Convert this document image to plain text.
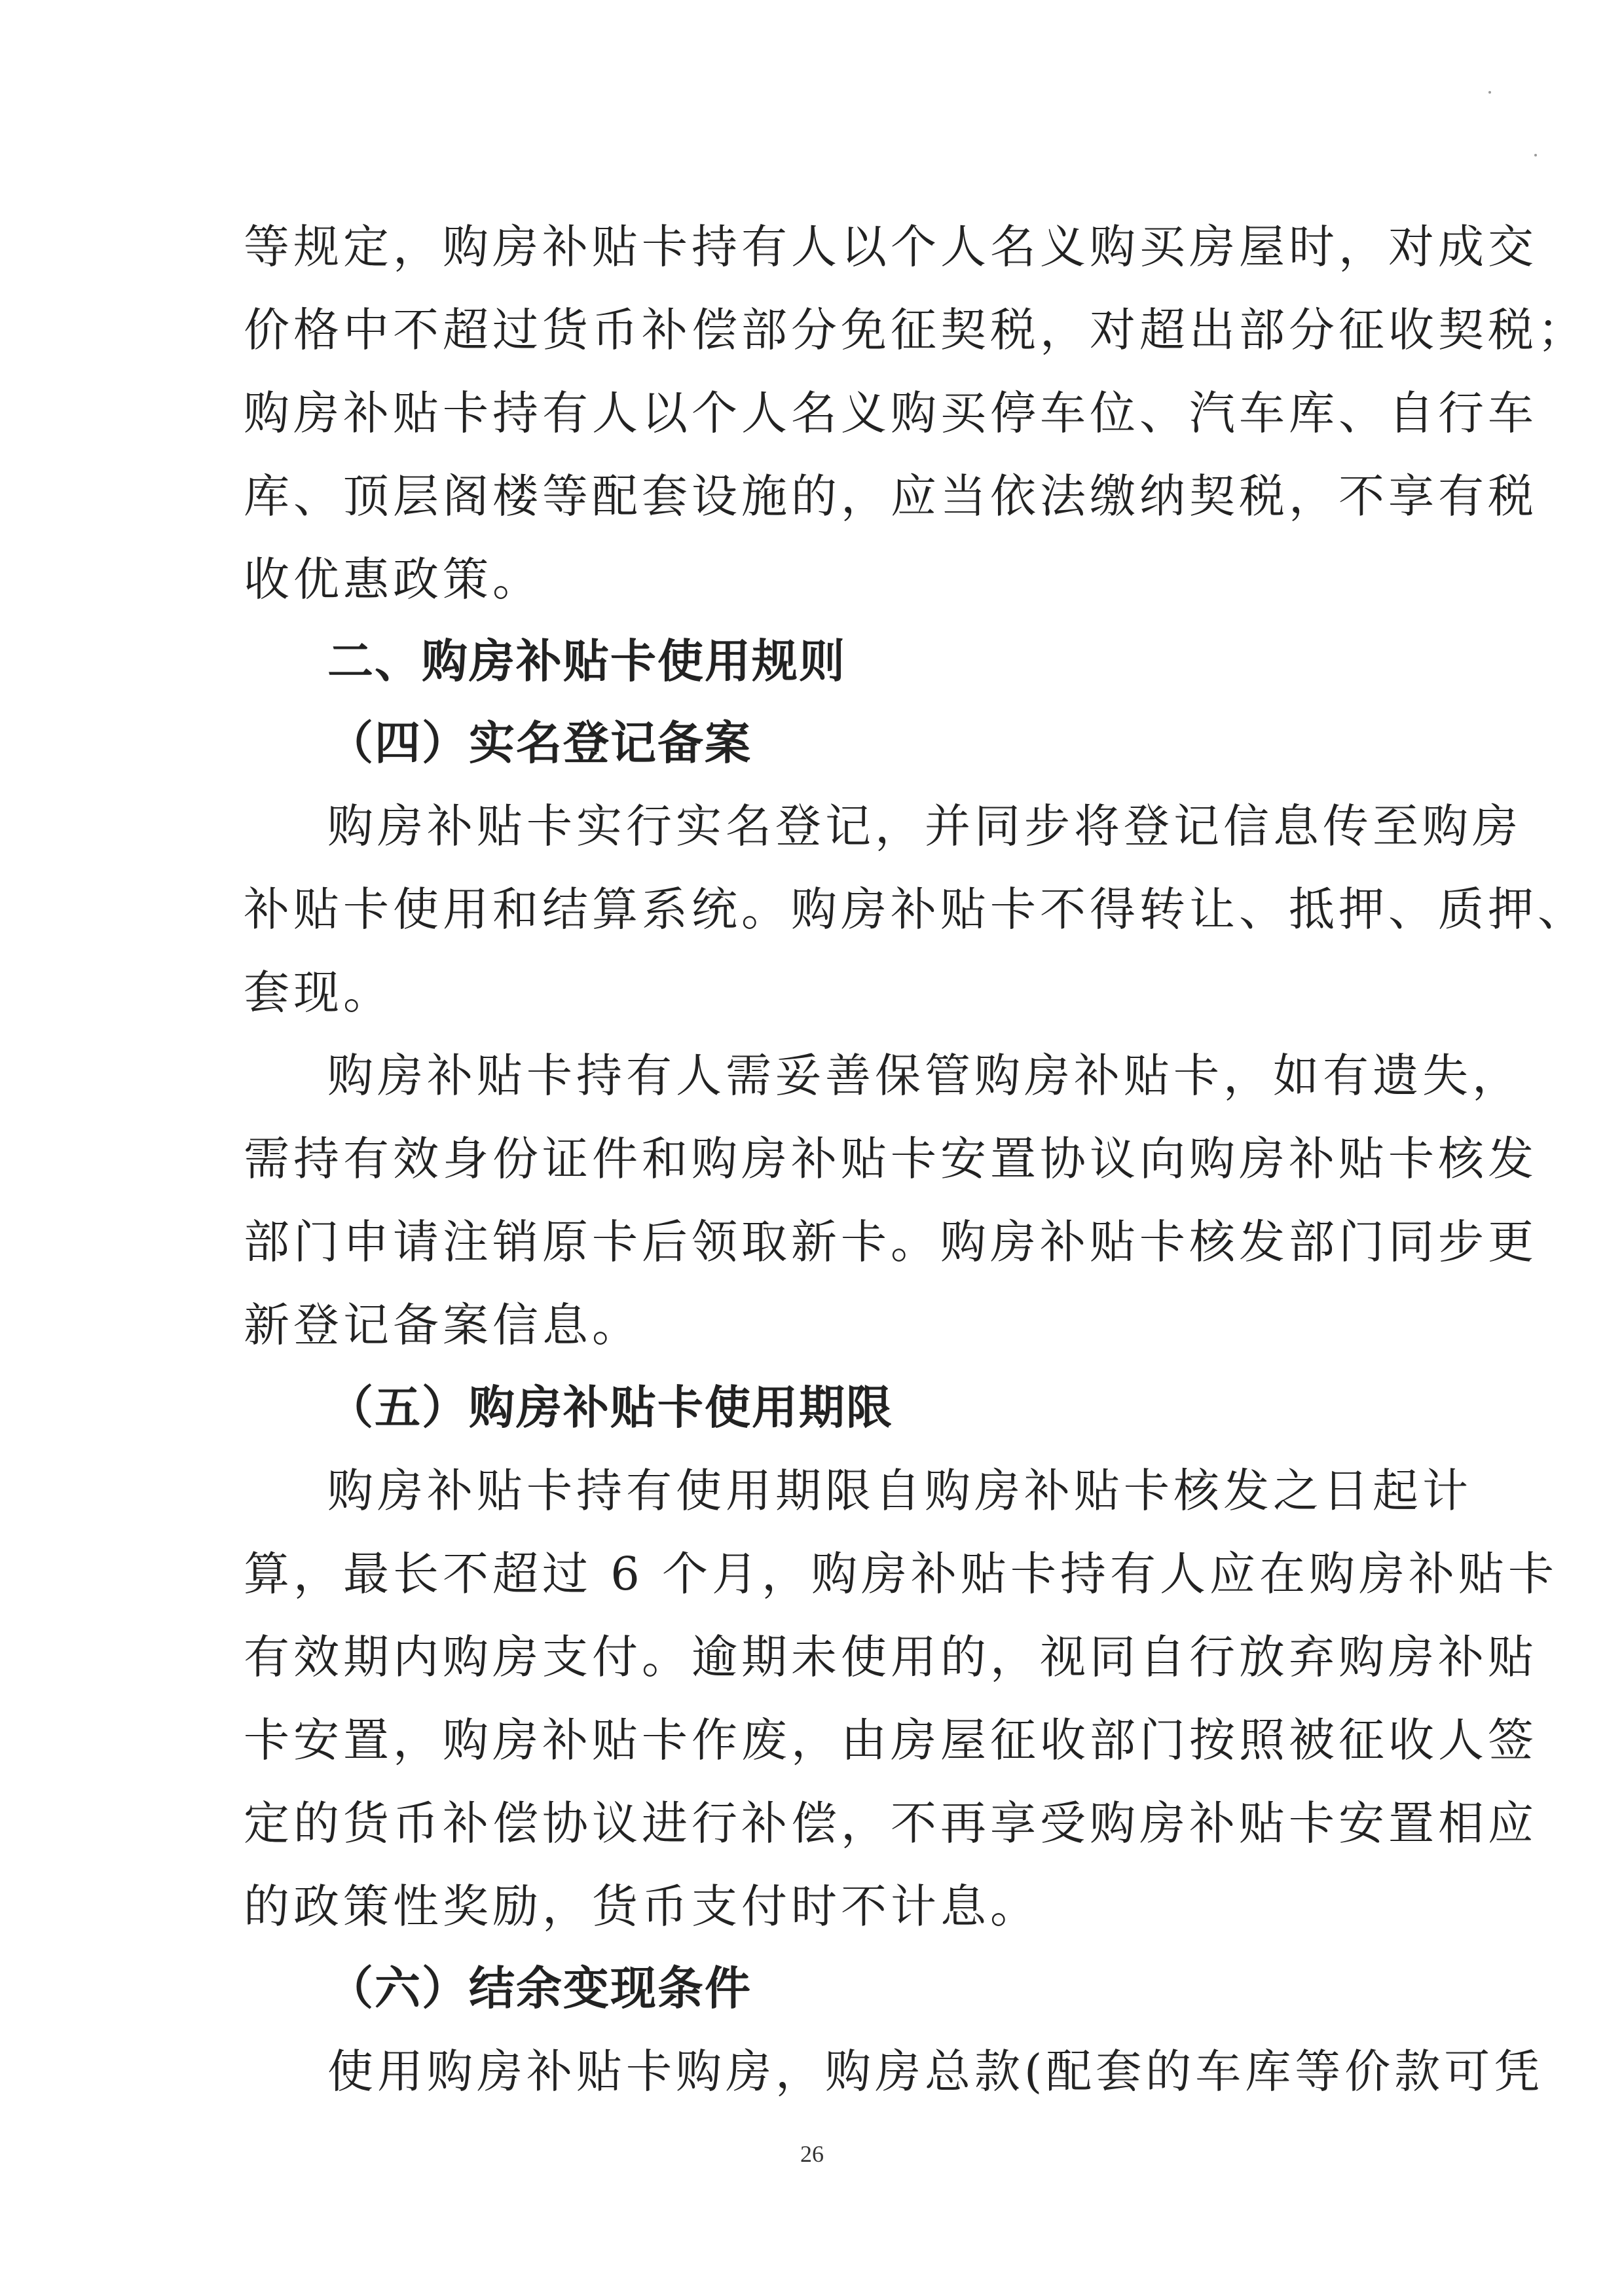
等规定，购房补贴卡持有人以个人名义购买房屋时，对成交
价格中不超过货币补偿部分免征契税，对超出部分征收契税；
购房补贴卡持有人以个人名义购买停车位、汽车库、自行车
库、顶层阁楼等配套设施的，应当依法缴纳契税，不享有税
收优惠政策。
二、购房补贴卡使用规则
（四）实名登记备案
购房补贴卡实行实名登记，并同步将登记信息传至购房
补贴卡使用和结算系统。购房补贴卡不得转让、抵押、质押、
套现。
购房补贴卡持有人需妥善保管购房补贴卡，如有遗失，
需持有效身份证件和购房补贴卡安置协议向购房补贴卡核发
部门申请注销原卡后领取新卡。购房补贴卡核发部门同步更
新登记备案信息。
（五）购房补贴卡使用期限
购房补贴卡持有使用期限自购房补贴卡核发之日起计
算，最长不超过 6 个月，购房补贴卡持有人应在购房补贴卡
有效期内购房支付。逾期未使用的，视同自行放弃购房补贴
卡安置，购房补贴卡作废，由房屋征收部门按照被征收人签
定的货币补偿协议进行补偿，不再享受购房补贴卡安置相应
的政策性奖励，货币支付时不计息。
（六）结余变现条件
使用购房补贴卡购房，购房总款(配套的车库等价款可凭
26
